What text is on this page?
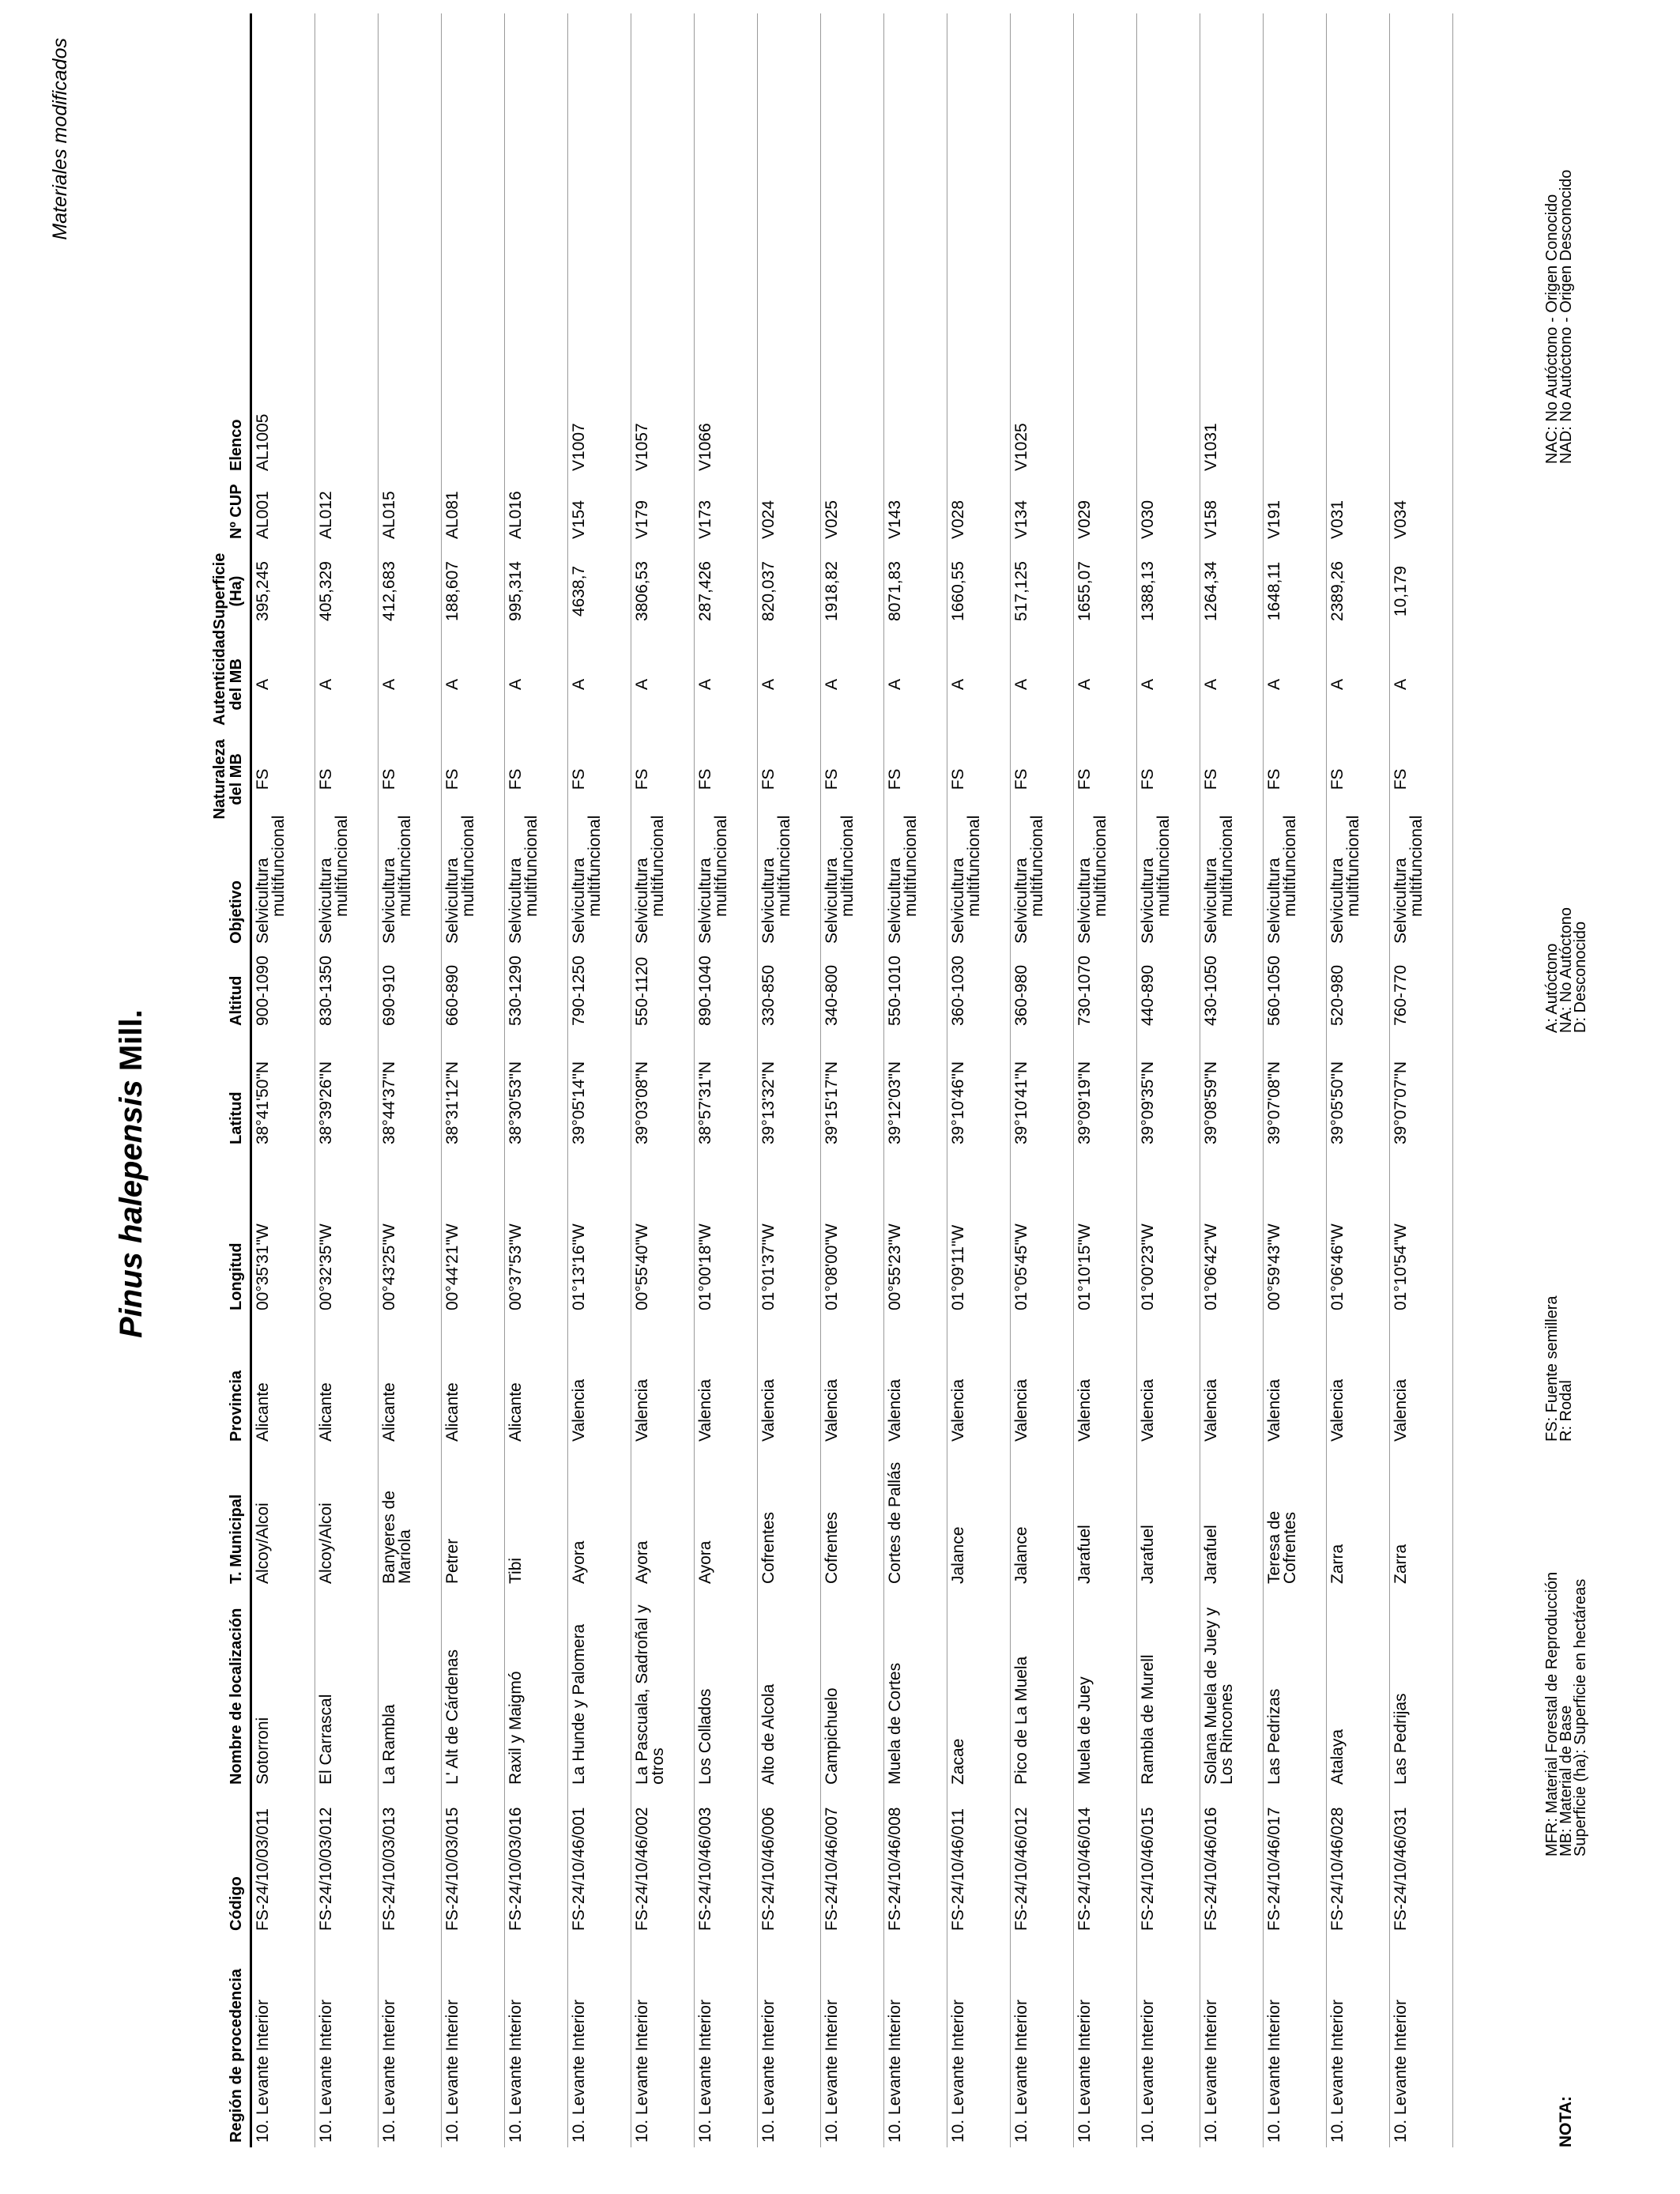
Materiales modificados
Pinus halepensis Mill.
Región de procedencia	Código	Nombre de localización	T. Municipal	Provincia	Longitud	Latitud	Altitud	Objetivo	Naturaleza del MB	Autenticidad del MB	Superficie (Ha)	Nº CUP	Elenco
10. Levante Interior	FS-24/10/03/011	Sotorroni	Alcoy/Alcoi	Alicante	00°35'31"W	38°41'50"N	900-1090	Selvicultura
multifuncional	FS	A	395,245	AL001	AL1005
10. Levante Interior	FS-24/10/03/012	El Carrascal	Alcoy/Alcoi	Alicante	00°32'35"W	38°39'26"N	830-1350	Selvicultura
multifuncional	FS	A	405,329	AL012	
10. Levante Interior	FS-24/10/03/013	La Rambla	Banyeres de Mariola	Alicante	00°43'25"W	38°44'37"N	690-910	Selvicultura
multifuncional	FS	A	412,683	AL015	
10. Levante Interior	FS-24/10/03/015	L' Alt de Cárdenas	Petrer	Alicante	00°44'21"W	38°31'12"N	660-890	Selvicultura
multifuncional	FS	A	188,607	AL081	
10. Levante Interior	FS-24/10/03/016	Raxil y Maigmó	Tibi	Alicante	00°37'53"W	38°30'53"N	530-1290	Selvicultura
multifuncional	FS	A	995,314	AL016	
10. Levante Interior	FS-24/10/46/001	La Hunde y Palomera	Ayora	Valencia	01°13'16"W	39°05'14"N	790-1250	Selvicultura
multifuncional	FS	A	4638,7	V154	V1007
10. Levante Interior	FS-24/10/46/002	La Pascuala, Sadroñal y otros	Ayora	Valencia	00°55'40"W	39°03'08"N	550-1120	Selvicultura
multifuncional	FS	A	3806,53	V179	V1057
10. Levante Interior	FS-24/10/46/003	Los Collados	Ayora	Valencia	01°00'18"W	38°57'31"N	890-1040	Selvicultura
multifuncional	FS	A	287,426	V173	V1066
10. Levante Interior	FS-24/10/46/006	Alto de Alcola	Cofrentes	Valencia	01°01'37"W	39°13'32"N	330-850	Selvicultura
multifuncional	FS	A	820,037	V024	
10. Levante Interior	FS-24/10/46/007	Campichuelo	Cofrentes	Valencia	01°08'00"W	39°15'17"N	340-800	Selvicultura
multifuncional	FS	A	1918,82	V025	
10. Levante Interior	FS-24/10/46/008	Muela de Cortes	Cortes de Pallás	Valencia	00°55'23"W	39°12'03"N	550-1010	Selvicultura
multifuncional	FS	A	8071,83	V143	
10. Levante Interior	FS-24/10/46/011	Zacae	Jalance	Valencia	01°09'11"W	39°10'46"N	360-1030	Selvicultura
multifuncional	FS	A	1660,55	V028	
10. Levante Interior	FS-24/10/46/012	Pico de La Muela	Jalance	Valencia	01°05'45"W	39°10'41"N	360-980	Selvicultura
multifuncional	FS	A	517,125	V134	V1025
10. Levante Interior	FS-24/10/46/014	Muela de Juey	Jarafuel	Valencia	01°10'15"W	39°09'19"N	730-1070	Selvicultura
multifuncional	FS	A	1655,07	V029	
10. Levante Interior	FS-24/10/46/015	Rambla de Murell	Jarafuel	Valencia	01°00'23"W	39°09'35"N	440-890	Selvicultura
multifuncional	FS	A	1388,13	V030	
10. Levante Interior	FS-24/10/46/016	Solana Muela de Juey y Los Rincones	Jarafuel	Valencia	01°06'42"W	39°08'59"N	430-1050	Selvicultura
multifuncional	FS	A	1264,34	V158	V1031
10. Levante Interior	FS-24/10/46/017	Las Pedrizas	Teresa de Cofrentes	Valencia	00°59'43"W	39°07'08"N	560-1050	Selvicultura
multifuncional	FS	A	1648,11	V191	
10. Levante Interior	FS-24/10/46/028	Atalaya	Zarra	Valencia	01°06'46"W	39°05'50"N	520-980	Selvicultura
multifuncional	FS	A	2389,26	V031	
10. Levante Interior	FS-24/10/46/031	Las Pedrijas	Zarra	Valencia	01°10'54"W	39°07'07"N	760-770	Selvicultura
multifuncional	FS	A	10,179	V034	
NOTA:
MFR: Material Forestal de Reproducción
MB: Material de Base
Superficie (ha): Superficie en hectáreas
FS: Fuente semillera
R: Rodal
A: Autóctono
NA: No Autóctono
D: Desconocido
NAC: No Autóctono - Origen Conocido
NAD: No Autóctono - Origen Desconocido
